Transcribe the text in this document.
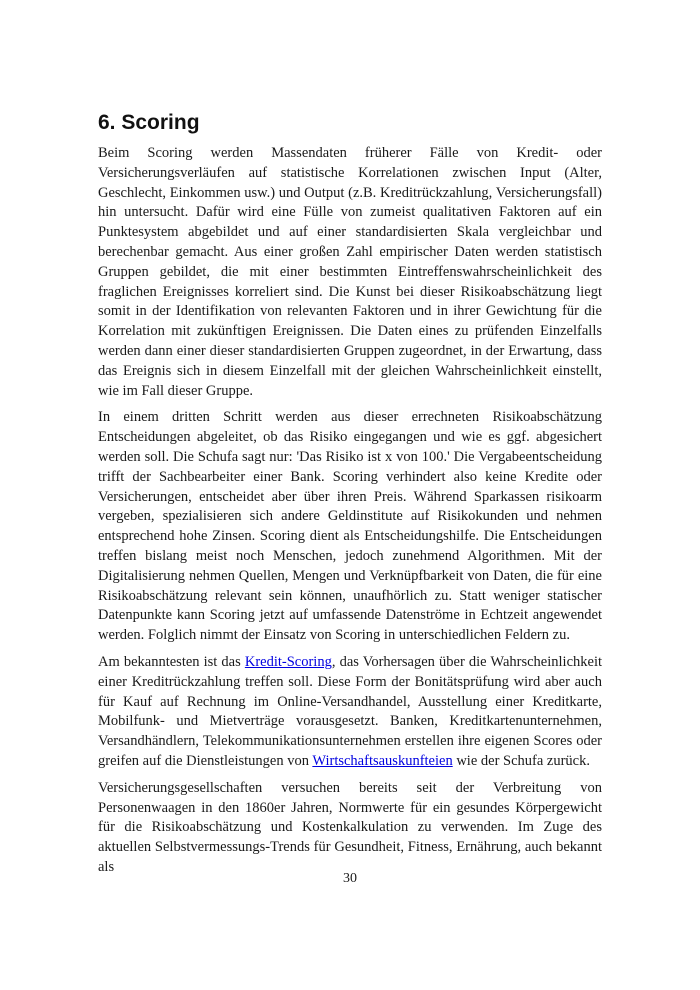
6. Scoring

Beim Scoring werden Massendaten früherer Fälle von Kredit- oder Versicherungsverläufen auf statistische Korrelationen zwischen Input (Alter, Geschlecht, Einkommen usw.) und Output (z.B. Kreditrückzahlung, Versicherungsfall) hin untersucht. Dafür wird eine Fülle von zumeist qualitativen Faktoren auf ein Punktesystem abgebildet und auf einer standardisierten Skala vergleichbar und berechenbar gemacht. Aus einer großen Zahl empirischer Daten werden statistisch Gruppen gebildet, die mit einer bestimmten Eintreffenswahrscheinlichkeit des fraglichen Ereignisses korreliert sind. Die Kunst bei dieser Risikoabschätzung liegt somit in der Identifikation von relevanten Faktoren und in ihrer Gewichtung für die Korrelation mit zukünftigen Ereignissen. Die Daten eines zu prüfenden Einzelfalls werden dann einer dieser standardisierten Gruppen zugeordnet, in der Erwartung, dass das Ereignis sich in diesem Einzelfall mit der gleichen Wahrscheinlichkeit einstellt, wie im Fall dieser Gruppe.

In einem dritten Schritt werden aus dieser errechneten Risikoabschätzung Entscheidungen abgeleitet, ob das Risiko eingegangen und wie es ggf. abgesichert werden soll. Die Schufa sagt nur: 'Das Risiko ist x von 100.' Die Vergabeentscheidung trifft der Sachbearbeiter einer Bank. Scoring verhindert also keine Kredite oder Versicherungen, entscheidet aber über ihren Preis. Während Sparkassen risikoarm vergeben, spezialisieren sich andere Geldinstitute auf Risikokunden und nehmen entsprechend hohe Zinsen. Scoring dient als Entscheidungshilfe. Die Entscheidungen treffen bislang meist noch Menschen, jedoch zunehmend Algorithmen. Mit der Digitalisierung nehmen Quellen, Mengen und Verknüpfbarkeit von Daten, die für eine Risikoabschätzung relevant sein können, unaufhörlich zu. Statt weniger statischer Datenpunkte kann Scoring jetzt auf umfassende Datenströme in Echtzeit angewendet werden. Folglich nimmt der Einsatz von Scoring in unterschiedlichen Feldern zu.

Am bekanntesten ist das Kredit-Scoring, das Vorhersagen über die Wahrscheinlichkeit einer Kreditrückzahlung treffen soll. Diese Form der Bonitätsprüfung wird aber auch für Kauf auf Rechnung im Online-Versandhandel, Ausstellung einer Kreditkarte, Mobilfunk- und Mietverträge vorausgesetzt. Banken, Kreditkartenunternehmen, Versandhändlern, Telekommunikationsunternehmen erstellen ihre eigenen Scores oder greifen auf die Dienstleistungen von Wirtschaftsauskunfteien wie der Schufa zurück.

Versicherungsgesellschaften versuchen bereits seit der Verbreitung von Personenwaagen in den 1860er Jahren, Normwerte für ein gesundes Körpergewicht für die Risikoabschätzung und Kostenkalkulation zu verwenden. Im Zuge des aktuellen Selbstvermessungs-Trends für Gesundheit, Fitness, Ernährung, auch bekannt als

30
